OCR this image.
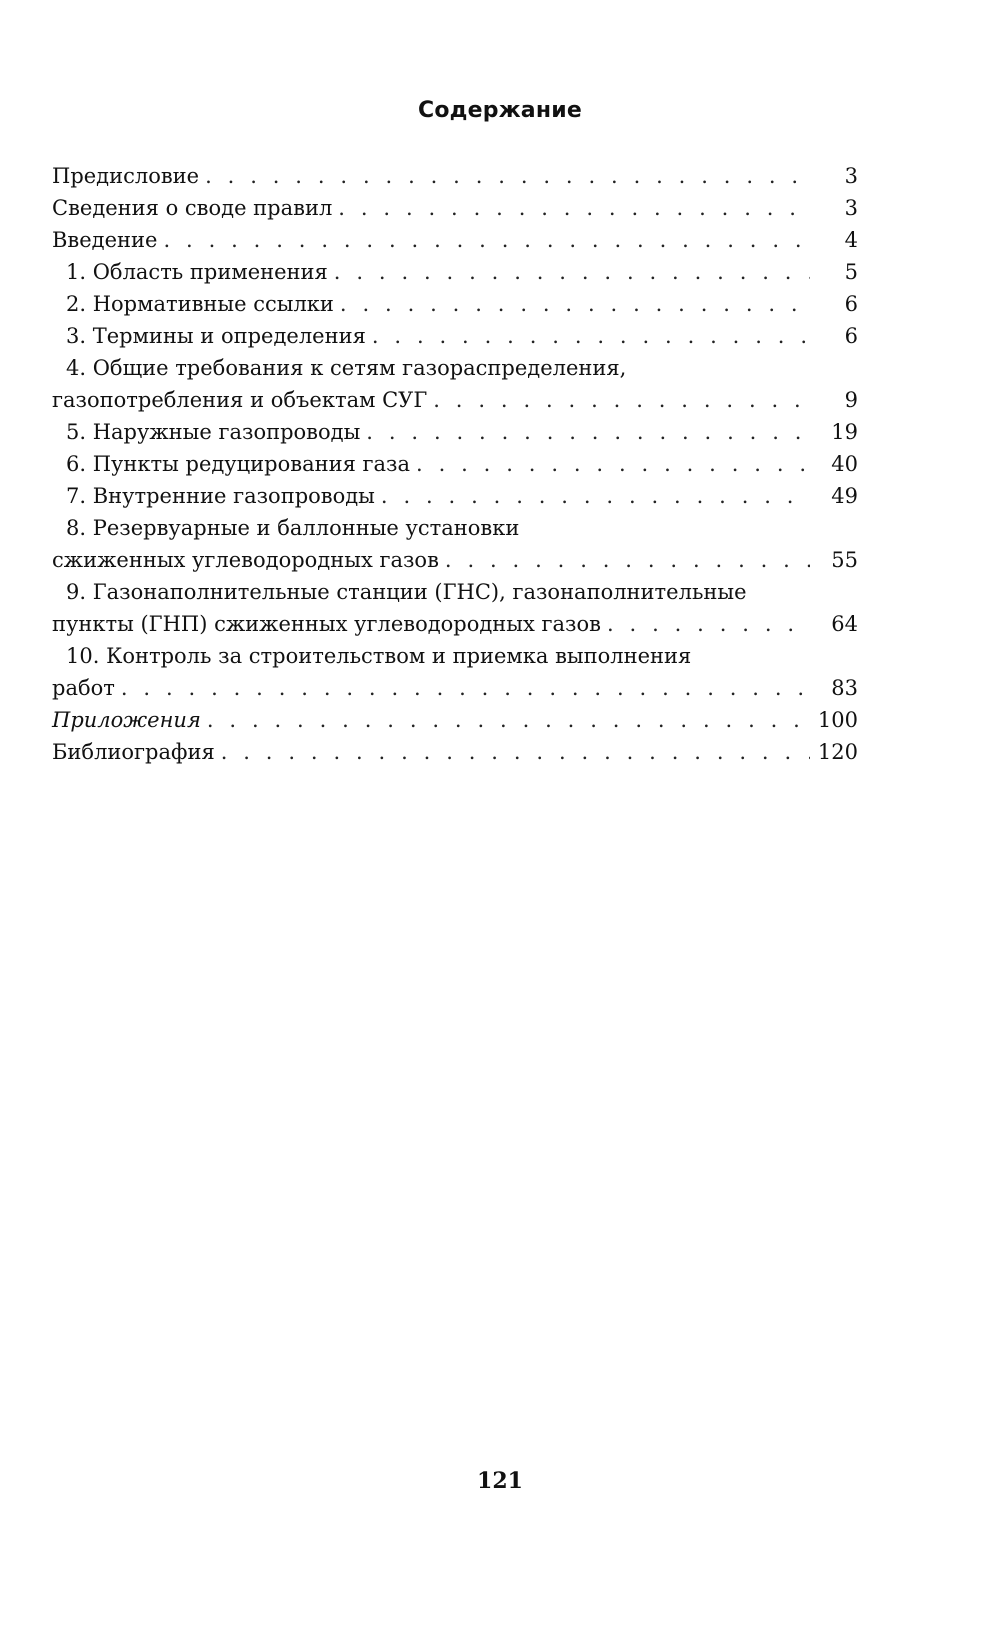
Содержание
Предисловие . . .	3
Сведения о своде правил . . .	3
Введение . . .	4
1. Область применения . . .	5
2. Нормативные ссылки . . .	6
3. Термины и определения . . .	6
4. Общие требования к сетям газораспределения,
газопотребления и объектам СУГ . . .	9
5. Наружные газопроводы . . .	19
6. Пункты редуцирования газа . . .	40
7. Внутренние газопроводы . . .	49
8. Резервуарные и баллонные установки
сжиженных углеводородных газов . . .	55
9. Газонаполнительные станции (ГНС), газонаполнительные
пункты (ГНП) сжиженных углеводородных газов . . .	64
10. Контроль за строительством и приемка выполнения
работ . . .	83
Приложения . . .	100
Библиография . . .	120
121
